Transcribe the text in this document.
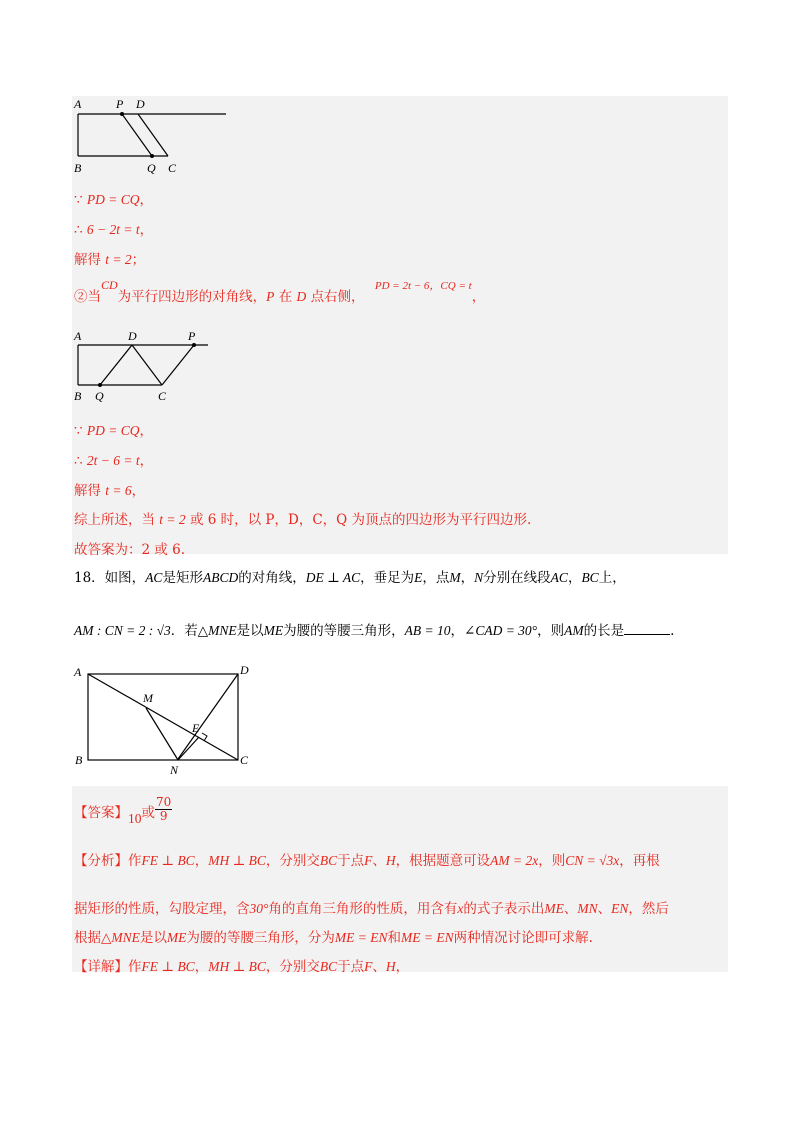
A	P D
B	Q C
∵ PD = CQ，
∴ 6 − 2t = t，
解得 t = 2；
②当CD为平行四边形的对角线，P 在 D 点右侧， $^{PD = 2t - 6,CQ = t}$，
A	D	P
B Q	C
∵ PD = CQ，
∴ 2t − 6 = t，
解得 t = 6，
综上所述，当 t = 2 或 6 时，以 P，D，C，Q 为顶点的四边形为平行四边形.
故答案为：2 或 6.
18．如图，AC是矩形ABCD的对角线，DE ⊥ AC，垂足为E，点M，N分别在线段AC，BC上，
AM : CN = 2 : √3．若△MNE是以ME为腰的等腰三角形，AB = 10，∠CAD = 30°，则AM的长是	.
A	D
M
E
B
N
C
【答案】10或 $\frac{70}{9}$
【分析】作FE ⊥ BC，MH ⊥ BC，分别交BC于点F、H，根据题意可设AM = 2x，则CN = √3x，再根
据矩形的性质，勾股定理，含30°角的直角三角形的性质，用含有x的式子表示出ME、MN、EN，然后
根据△MNE是以ME为腰的等腰三角形，分为ME = EN和ME = EN两种情况讨论即可求解.
【详解】作FE ⊥ BC，MH ⊥ BC，分别交BC于点F、H，
